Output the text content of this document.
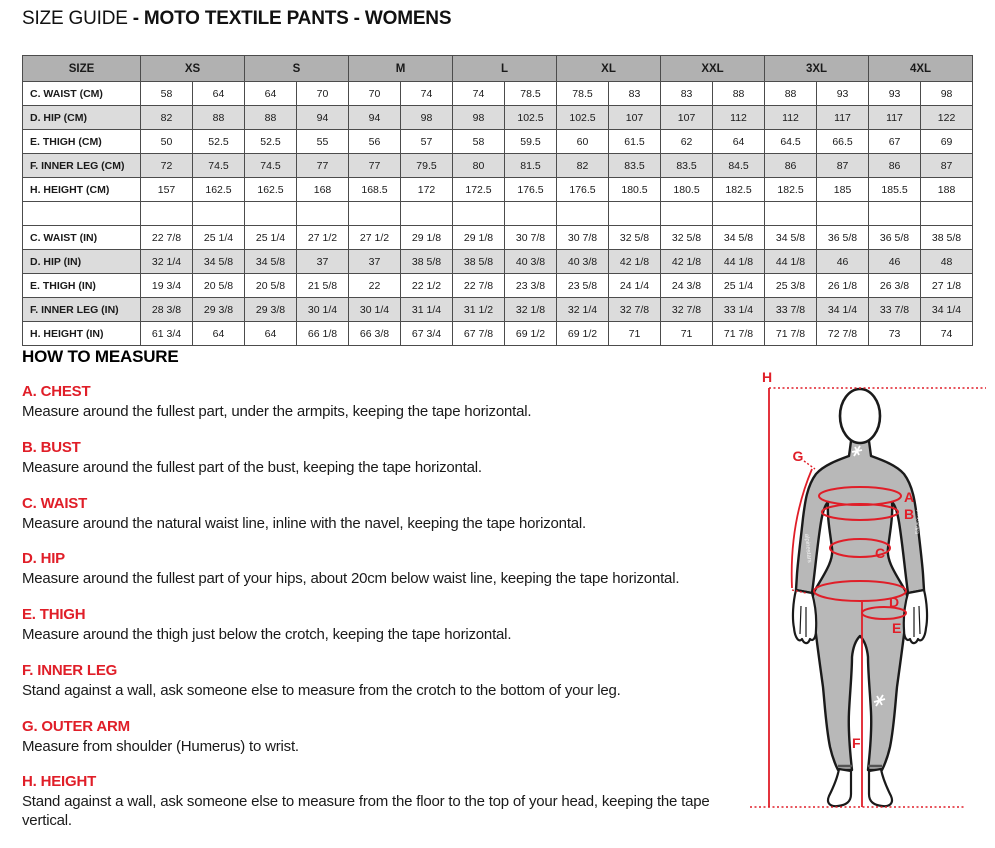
SIZE GUIDE - MOTO TEXTILE PANTS - WOMENS
SIZE	XS		S		M		L		XL		XXL		3XL		4XL	
C. WAIST (CM)	58	64	64	70	70	74	74	78.5	78.5	83	83	88	88	93	93	98
D. HIP (CM)	82	88	88	94	94	98	98	102.5	102.5	107	107	112	112	117	117	122
E. THIGH (CM)	50	52.5	52.5	55	56	57	58	59.5	60	61.5	62	64	64.5	66.5	67	69
F. INNER LEG (CM)	72	74.5	74.5	77	77	79.5	80	81.5	82	83.5	83.5	84.5	86	87	86	87
H. HEIGHT (CM)	157	162.5	162.5	168	168.5	172	172.5	176.5	176.5	180.5	180.5	182.5	182.5	185	185.5	188

C. WAIST (IN)	22 7/8	25 1/4	25 1/4	27 1/2	27 1/2	29 1/8	29 1/8	30 7/8	30 7/8	32 5/8	32 5/8	34 5/8	34 5/8	36 5/8	36 5/8	38 5/8
D. HIP (IN)	32 1/4	34 5/8	34 5/8	37	37	38 5/8	38 5/8	40 3/8	40 3/8	42 1/8	42 1/8	44 1/8	44 1/8	46	46	48
E. THIGH (IN)	19 3/4	20 5/8	20 5/8	21 5/8	22	22 1/2	22 7/8	23 3/8	23 5/8	24 1/4	24 3/8	25 1/4	25 3/8	26 1/8	26 3/8	27 1/8
F. INNER LEG (IN)	28 3/8	29 3/8	29 3/8	30 1/4	30 1/4	31 1/4	31 1/2	32 1/8	32 1/4	32 7/8	32 7/8	33 1/4	33 7/8	34 1/4	33 7/8	34 1/4
H. HEIGHT (IN)	61 3/4	64	64	66 1/8	66 3/8	67 3/4	67 7/8	69 1/2	69 1/2	71	71	71 7/8	71 7/8	72 7/8	73	74
HOW TO MEASURE
A. CHEST

Measure around the fullest part, under the armpits, keeping the tape horizontal.

B. BUST

Measure around the fullest part of the bust, keeping the tape horizontal.

C. WAIST

Measure around the natural waist line, inline with the navel, keeping the tape horizontal.

D. HIP

Measure around the fullest part of your hips, about 20cm below waist line, keeping the tape horizontal.

E. THIGH

Measure around the thigh just below the crotch, keeping the tape horizontal.

F. INNER LEG

Stand against a wall, ask someone else to measure from the crotch to the bottom of your leg.

G. OUTER ARM

Measure from shoulder (Humerus) to wrist.

H. HEIGHT

Stand against a wall, ask someone else to measure from the floor to the top of your head, keeping the tape vertical.

alpinestars
alpinestars
H
G
A
B
C
D
E
F
